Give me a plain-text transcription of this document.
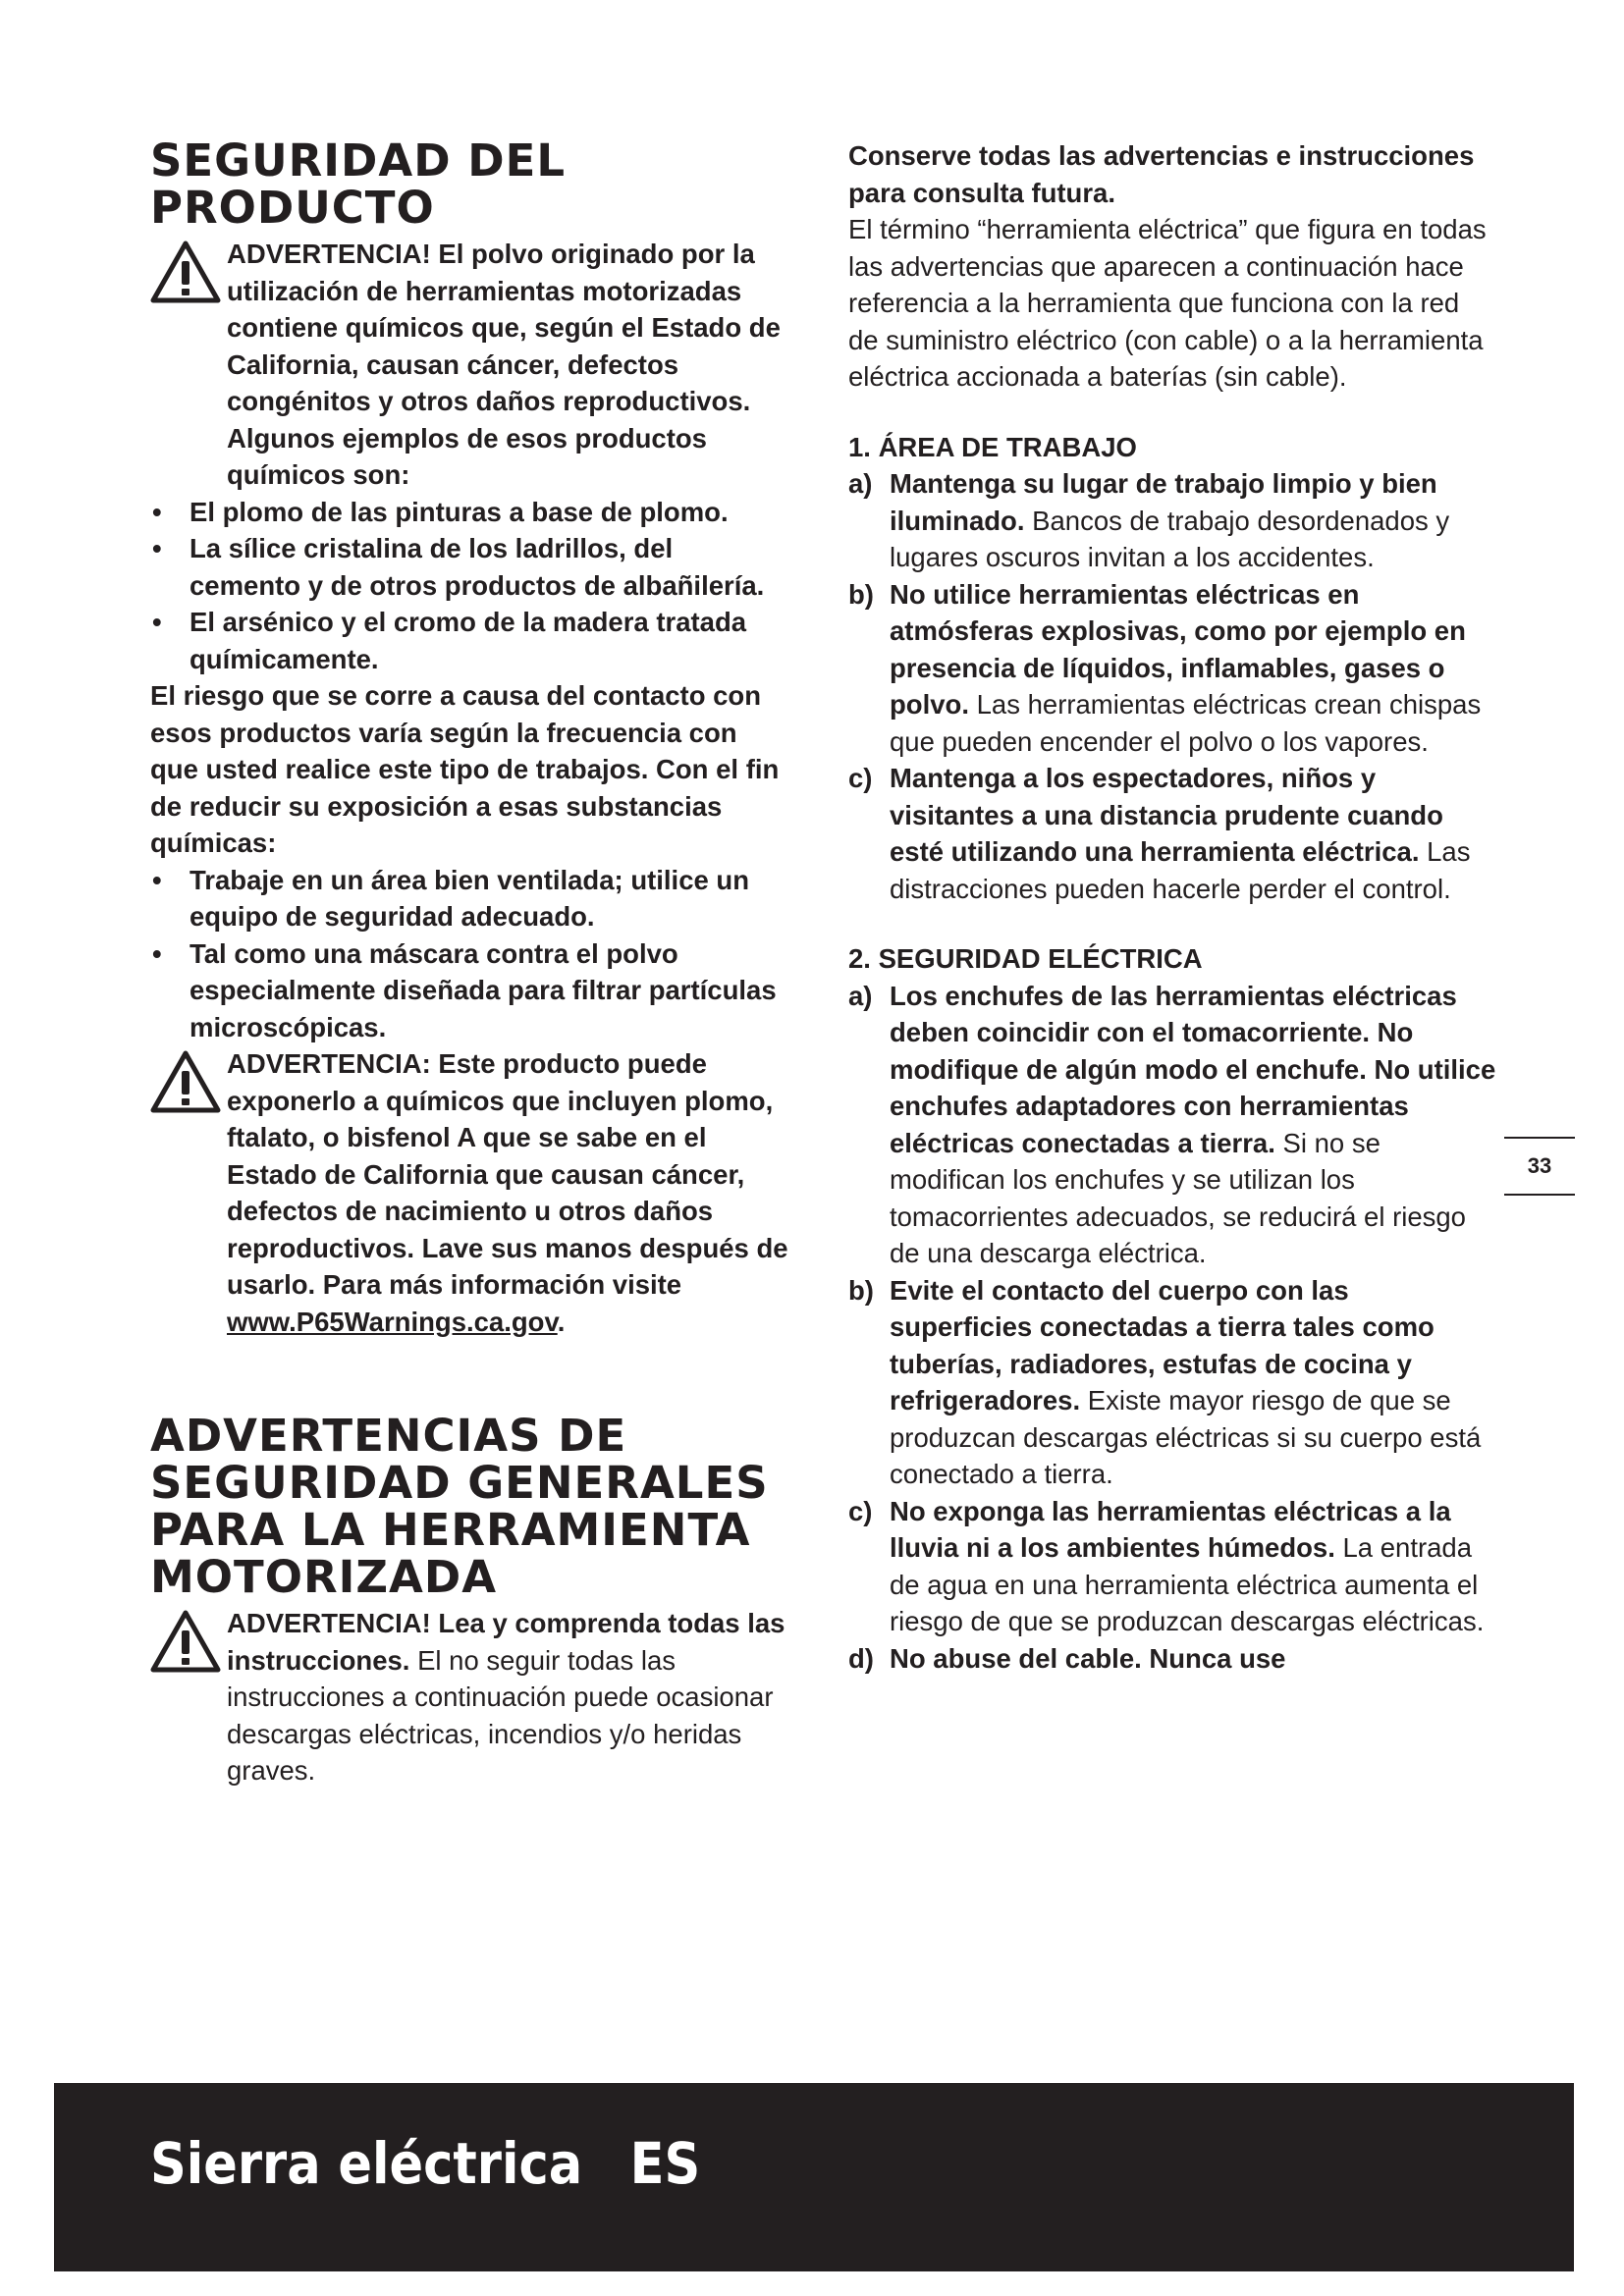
SEGURIDAD DEL PRODUCTO

ADVERTENCIA! El polvo originado por la utilización de herramientas motorizadas contiene químicos que, según el Estado de California, causan cáncer, defectos congénitos y otros daños reproductivos. Algunos ejemplos de esos productos químicos son:

• El plomo de las pinturas a base de plomo.
• La sílice cristalina de los ladrillos, del cemento y de otros productos de albañilería.
• El arsénico y el cromo de la madera tratada químicamente.

El riesgo que se corre a causa del contacto con esos productos varía según la frecuencia con que usted realice este tipo de trabajos. Con el fin de reducir su exposición a esas substancias químicas:

• Trabaje en un área bien ventilada; utilice un equipo de seguridad adecuado.
• Tal como una máscara contra el polvo especialmente diseñada para filtrar partículas microscópicas.

ADVERTENCIA: Este producto puede exponerlo a químicos que incluyen plomo, ftalato, o bisfenol A que se sabe en el Estado de California que causan cáncer, defectos de nacimiento u otros daños reproductivos. Lave sus manos después de usarlo. Para más información visite www.P65Warnings.ca.gov.

ADVERTENCIAS DE SEGURIDAD GENERALES PARA LA HERRAMIENTA MOTORIZADA

ADVERTENCIA! Lea y comprenda todas las instrucciones. El no seguir todas las instrucciones a continuación puede ocasionar descargas eléctricas, incendios y/o heridas graves.

Conserve todas las advertencias e instrucciones para consulta futura.

El término “herramienta eléctrica” que figura en todas las advertencias que aparecen a continuación hace referencia a la herramienta que funciona con la red de suministro eléctrico (con cable) o a la herramienta eléctrica accionada a baterías (sin cable).

1. ÁREA DE TRABAJO

a) Mantenga su lugar de trabajo limpio y bien iluminado. Bancos de trabajo desordenados y lugares oscuros invitan a los accidentes.
b) No utilice herramientas eléctricas en atmósferas explosivas, como por ejemplo en presencia de líquidos, inflamables, gases o polvo. Las herramientas eléctricas crean chispas que pueden encender el polvo o los vapores.
c) Mantenga a los espectadores, niños y visitantes a una distancia prudente cuando esté utilizando una herramienta eléctrica. Las distracciones pueden hacerle perder el control.

2. SEGURIDAD ELÉCTRICA

a) Los enchufes de las herramientas eléctricas deben coincidir con el tomacorriente. No modifique de algún modo el enchufe. No utilice enchufes adaptadores con herramientas eléctricas conectadas a tierra. Si no se modifican los enchufes y se utilizan los tomacorrientes adecuados, se reducirá el riesgo de una descarga eléctrica.
b) Evite el contacto del cuerpo con las superficies conectadas a tierra tales como tuberías, radiadores, estufas de cocina y refrigeradores. Existe mayor riesgo de que se produzcan descargas eléctricas si su cuerpo está conectado a tierra.
c) No exponga las herramientas eléctricas a la lluvia ni a los ambientes húmedos. La entrada de agua en una herramienta eléctrica aumenta el riesgo de que se produzcan descargas eléctricas.
d) No abuse del cable. Nunca use
33
Sierra eléctrica ES
